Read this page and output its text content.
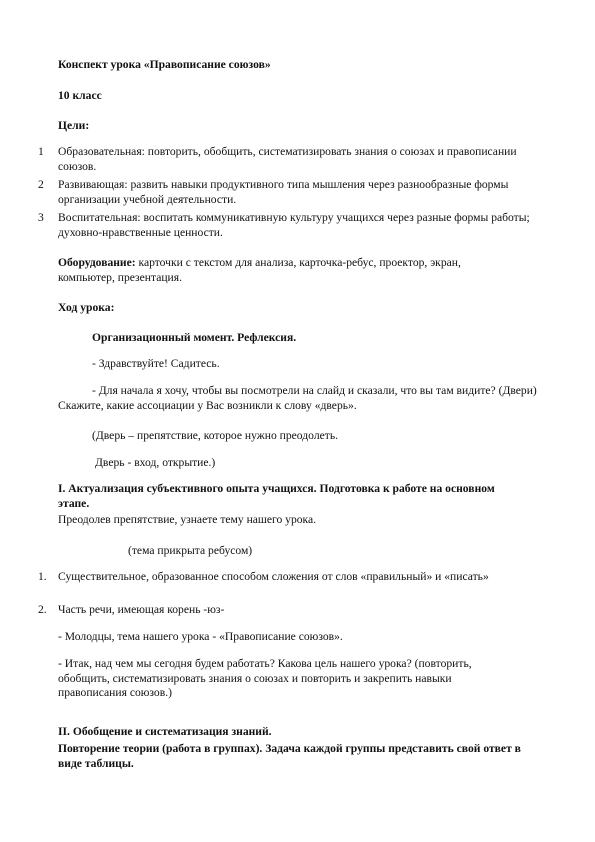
Конспект урока «Правописание союзов»

10 класс

Цели:

1 Образовательная: повторить, обобщить, систематизировать знания о союзах и правописании союзов.
2 Развивающая: развить навыки продуктивного типа мышления через разнообразные формы организации учебной деятельности.
3 Воспитательная: воспитать коммуникативную культуру учащихся через разные формы работы; духовно-нравственные ценности.

Оборудование: карточки с текстом для анализа, карточка-ребус, проектор, экран, компьютер, презентация.

Ход урока:

Организационный момент. Рефлексия.

- Здравствуйте! Садитесь.

- Для начала я хочу, чтобы вы посмотрели на слайд и сказали, что вы там видите? (Двери) Скажите, какие ассоциации у Вас возникли к слову «дверь».

(Дверь – препятствие, которое нужно преодолеть.

Дверь - вход, открытие.)

I. Актуализация субъективного опыта учащихся. Подготовка к работе на основном этапе.

Преодолев препятствие, узнаете тему нашего урока.

(тема прикрыта ребусом)

1. Существительное, образованное способом сложения от слов «правильный» и «писать»
2. Часть речи, имеющая корень -юз-

- Молодцы, тема нашего урока - «Правописание союзов».

- Итак, над чем мы сегодня будем работать? Какова цель нашего урока? (повторить, обобщить, систематизировать знания о союзах и повторить и закрепить навыки правописания союзов.)

II. Обобщение и систематизация знаний.

Повторение теории (работа в группах). Задача каждой группы представить свой ответ в виде таблицы.
